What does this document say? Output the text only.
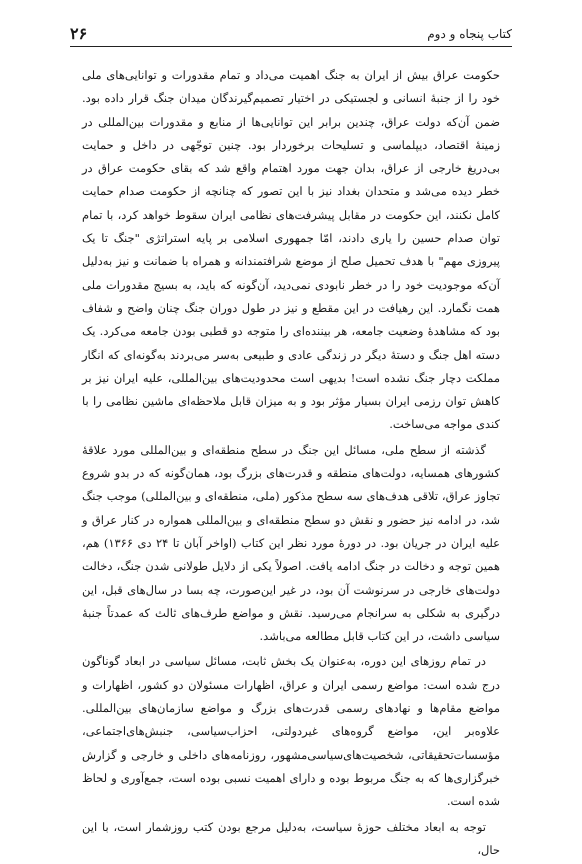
کتاب پنجاه و دوم
۲۶

حکومت عراق بیش از ایران به جنگ اهمیت می‌داد و تمام مقدورات و توانایی‌های ملی خود را از جنبهٔ انسانی و لجستیکی در اختیار تصمیم‌گیرندگان میدان جنگ قرار داده بود. ضمن آن‌که دولت عراق، چندین برابر این توانایی‌ها از منابع و مقدورات بین‌المللی در زمینهٔ اقتصاد، دیپلماسی و تسلیحات برخوردار بود. چنین توجّهی در داخل و حمایت بی‌دریغ خارجی از عراق، بدان جهت مورد اهتمام واقع شد که بقای حکومت عراق در خطر دیده می‌شد و متحدان بغداد نیز با این تصور که چنانچه از حکومت صدام حمایت کامل نکنند، این حکومت در مقابل پیشرفت‌های نظامی ایران سقوط خواهد کرد، با تمام توان صدام حسین را یاری دادند، امّا جمهوری اسلامی بر پایه استراتژی "جنگ تا یک پیروزی مهم" با هدف تحمیل صلح از موضع شرافتمندانه و همراه با ضمانت و نیز به‌دلیل آن‌که موجودیت خود را در خطر نابودی نمی‌دید، آن‌گونه که باید، به بسیج مقدورات ملی همت نگمارد. این رهیافت در این مقطع و نیز در طول دوران جنگ چنان واضح و شفاف بود که مشاهدهٔ وضعیت جامعه، هر بیننده‌ای را متوجه دو قطبی بودن جامعه می‌کرد. یک دسته اهل جنگ و دستهٔ دیگر در زندگی عادی و طبیعی به‌سر می‌بردند به‌گونه‌ای که انگار مملکت دچار جنگ نشده است! بدیهی است محدودیت‌های بین‌المللی، علیه ایران نیز بر کاهش توان رزمی ایران بسیار مؤثر بود و به میزان قابل ملاحظه‌ای ماشین نظامی را با کندی مواجه می‌ساخت.

گذشته از سطح ملی، مسائل این جنگ در سطح منطقه‌ای و بین‌المللی مورد علاقهٔ کشورهای همسایه، دولت‌های منطقه و قدرت‌های بزرگ بود، همان‌گونه که در بدو شروع تجاوز عراق، تلاقی هدف‌های سه سطح مذکور (ملی، منطقه‌ای و بین‌المللی) موجب جنگ شد، در ادامه نیز حضور و نقش دو سطح منطقه‌ای و بین‌المللی همواره در کنار عراق و علیه ایران در جریان بود. در دورهٔ مورد نظر این کتاب (اواخر آبان تا ۲۴ دی ۱۳۶۶) هم، همین توجه و دخالت در جنگ ادامه یافت. اصولاً یکی از دلایل طولانی شدن جنگ، دخالت دولت‌های خارجی در سرنوشت آن بود، در غیر این‌صورت، چه بسا در سال‌های قبل، این درگیری به شکلی به سرانجام می‌رسید. نقش و مواضع طرف‌های ثالث که عمدتاً جنبهٔ سیاسی داشت، در این کتاب قابل مطالعه می‌باشد.

در تمام روزهای این دوره، به‌عنوان یک بخش ثابت، مسائل سیاسی در ابعاد گوناگون درج شده است: مواضع رسمی ایران و عراق، اظهارات مسئولان دو کشور، اظهارات و مواضع مقام‌ها و نهادهای رسمی قدرت‌های بزرگ و مواضع سازمان‌های بین‌المللی. علاوه‌بر این، مواضع گروه‌های غیردولتی، احزاب‌سیاسی، جنبش‌های‌اجتماعی، مؤسسات‌تحقیقاتی، شخصیت‌های‌سیاسی‌مشهور، روزنامه‌های داخلی و خارجی و گزارش خبرگزاری‌ها که به جنگ مربوط بوده و دارای اهمیت نسبی بوده است، جمع‌آوری و لحاظ شده است.

توجه به ابعاد مختلف حوزهٔ سیاست، به‌دلیل مرجع بودن کتب روزشمار است، با این حال،
